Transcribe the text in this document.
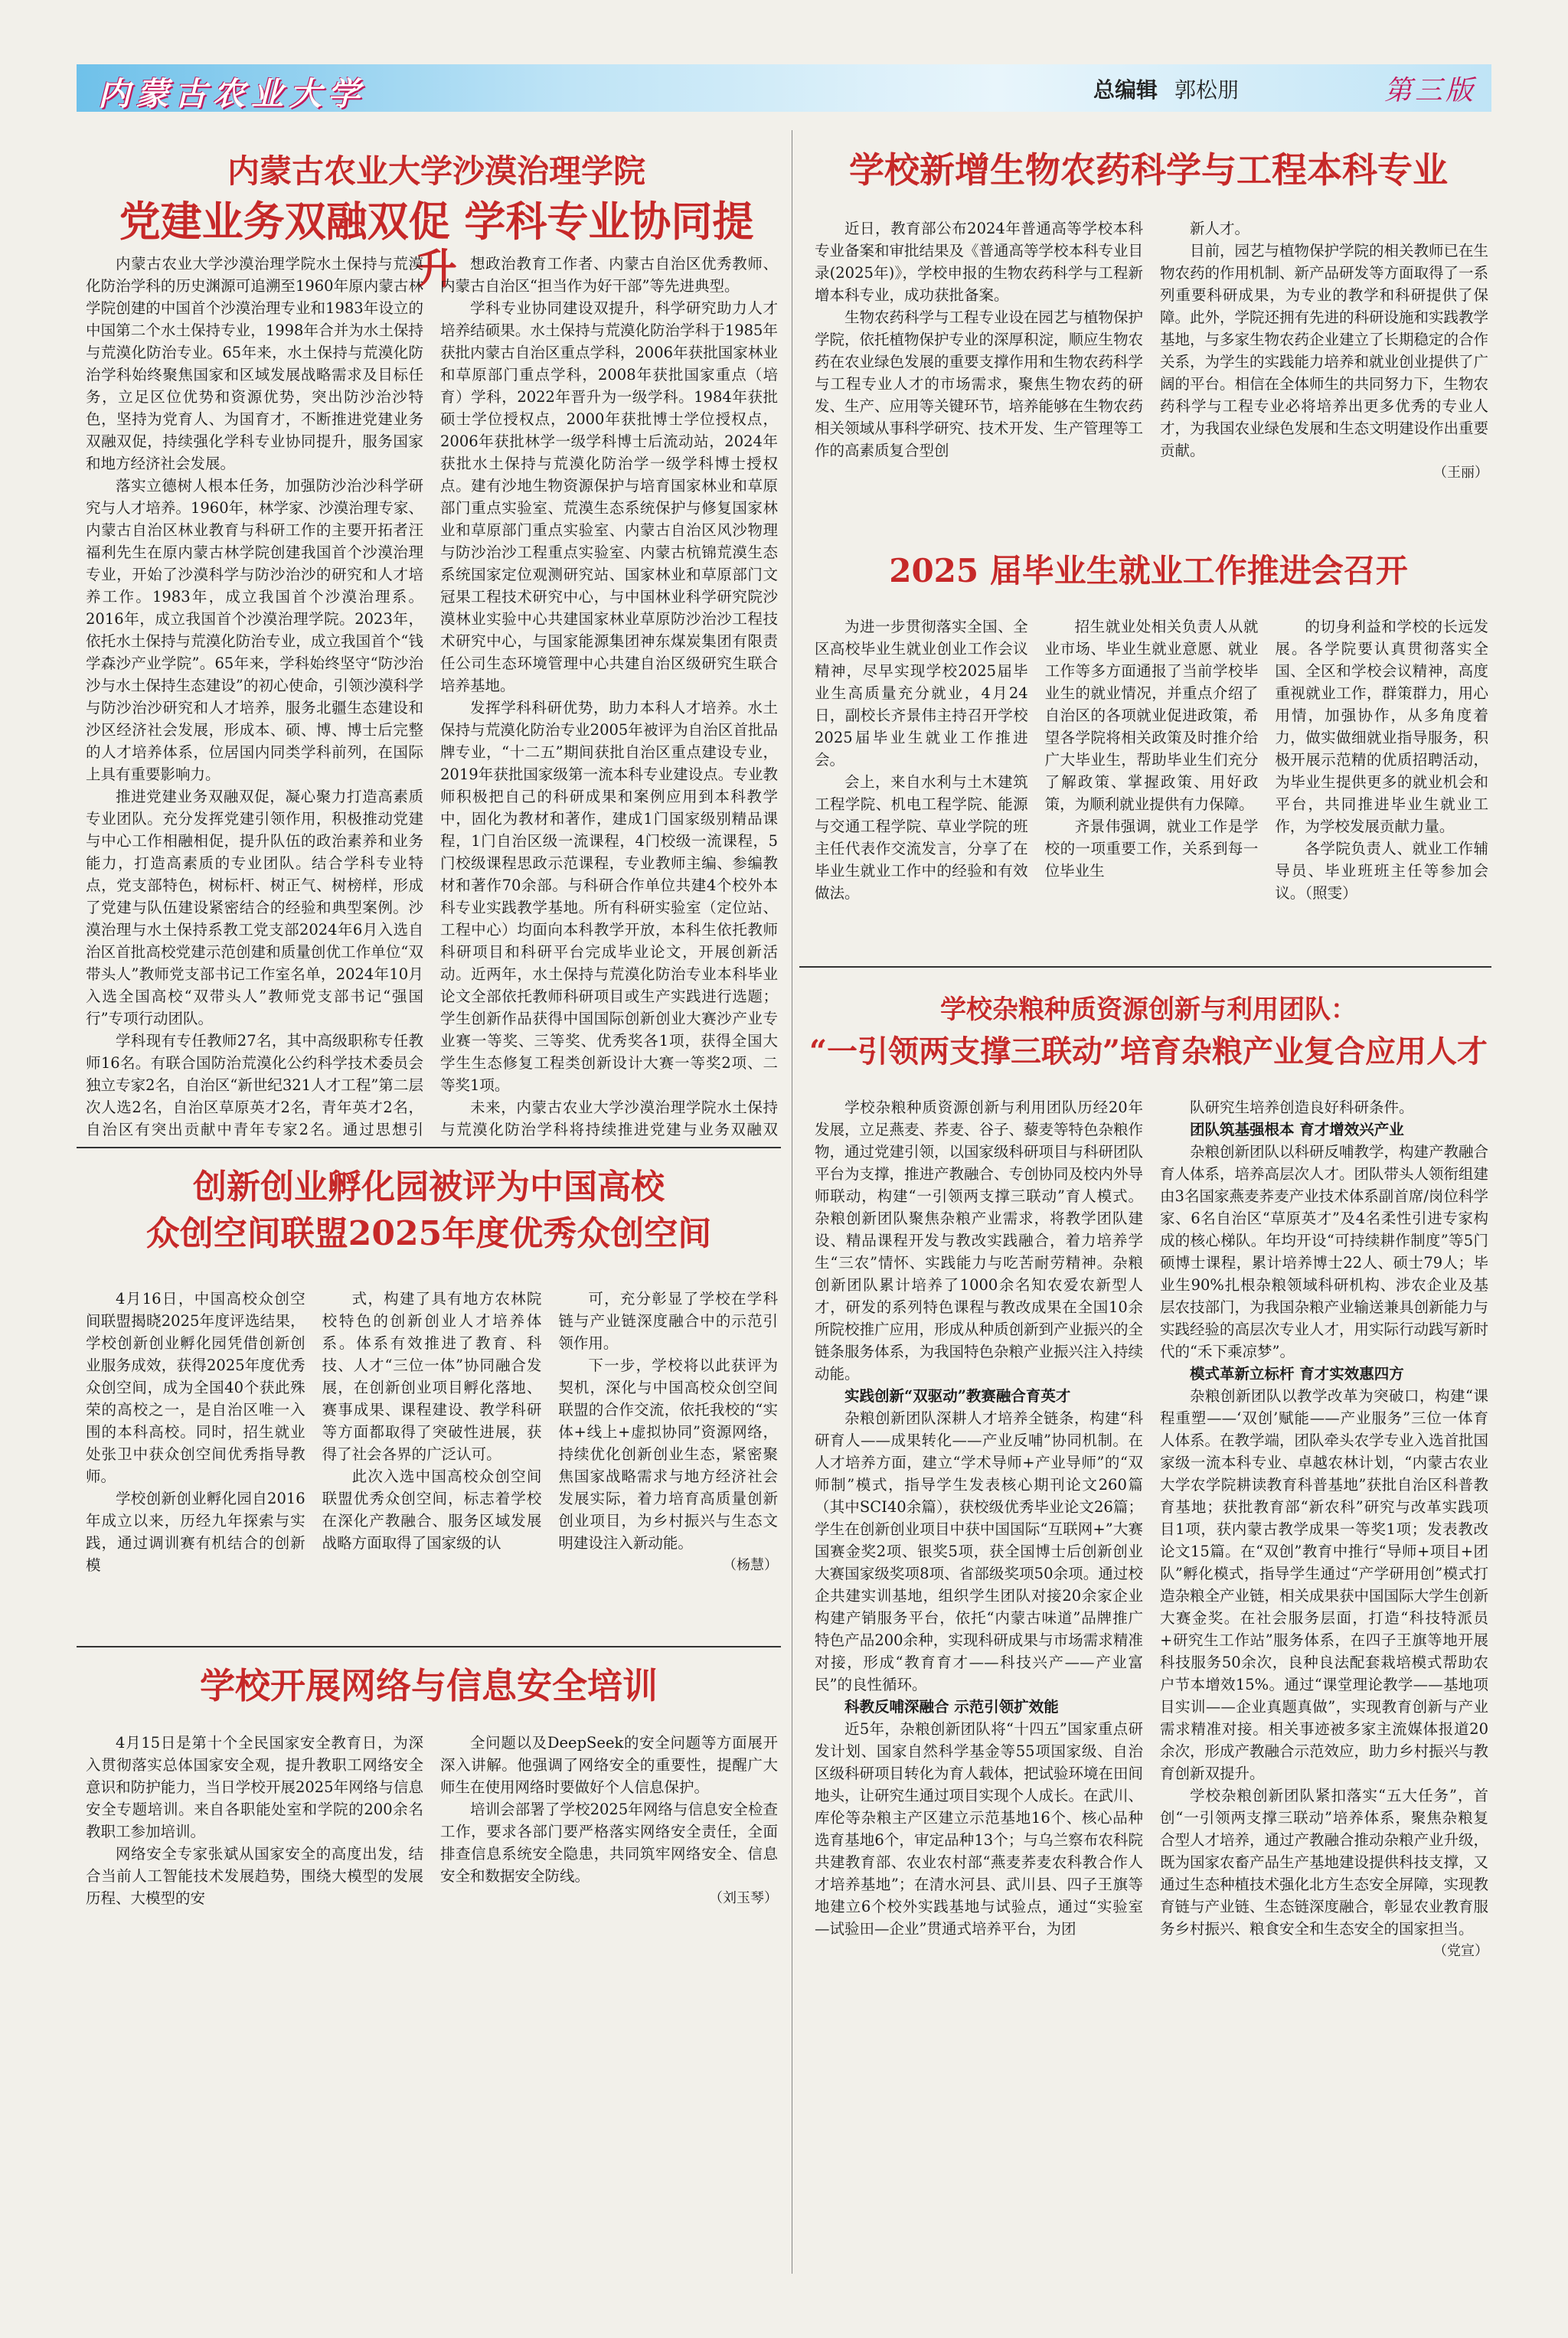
内蒙古农业大学	总编辑 郭松朋	第三版
内蒙古农业大学沙漠治理学院
党建业务双融双促 学科专业协同提升

内蒙古农业大学沙漠治理学院水土保持与荒漠化防治学科的历史渊源可追溯至1960年原内蒙古林学院创建的中国首个沙漠治理专业和1983年设立的中国第二个水土保持专业，1998年合并为水土保持与荒漠化防治专业。65年来，水土保持与荒漠化防治学科始终聚焦国家和区域发展战略需求及目标任务，立足区位优势和资源优势，突出防沙治沙特色，坚持为党育人、为国育才，不断推进党建业务双融双促，持续强化学科专业协同提升，服务国家和地方经济社会发展。

落实立德树人根本任务，加强防沙治沙科学研究与人才培养。1960年，林学家、沙漠治理专家、内蒙古自治区林业教育与科研工作的主要开拓者汪福利先生在原内蒙古林学院创建我国首个沙漠治理专业，开始了沙漠科学与防沙治沙的研究和人才培养工作。1983年，成立我国首个沙漠治理系。2016年，成立我国首个沙漠治理学院。2023年，依托水土保持与荒漠化防治专业，成立我国首个“钱学森沙产业学院”。65年来，学科始终坚守“防沙治沙与水土保持生态建设”的初心使命，引领沙漠科学与防沙治沙研究和人才培养，服务北疆生态建设和沙区经济社会发展，形成本、硕、博、博士后完整的人才培养体系，位居国内同类学科前列，在国际上具有重要影响力。

推进党建业务双融双促，凝心聚力打造高素质专业团队。充分发挥党建引领作用，积极推动党建与中心工作相融相促，提升队伍的政治素养和业务能力，打造高素质的专业团队。结合学科专业特点，党支部特色，树标杆、树正气、树榜样，形成了党建与队伍建设紧密结合的经验和典型案例。沙漠治理与水土保持系教工党支部2024年6月入选自治区首批高校党建示范创建和质量创优工作单位“双带头人”教师党支部书记工作室名单，2024年10月入选全国高校“双带头人”教师党支部书记“强国行”专项行动团队。

学科现有专任教师27名，其中高级职称专任教师16名。有联合国防治荒漠化公约科学技术委员会独立专家2名，自治区“新世纪321人才工程”第二层次人选2名，自治区草原英才2名，青年英才2名，自治区有突出贡献中青年专家2名。通过思想引

想政治教育工作者、内蒙古自治区优秀教师、内蒙古自治区“担当作为好干部”等先进典型。

学科专业协同建设双提升，科学研究助力人才培养结硕果。水土保持与荒漠化防治学科于1985年获批内蒙古自治区重点学科，2006年获批国家林业和草原部门重点学科，2008年获批国家重点（培育）学科，2022年晋升为一级学科。1984年获批硕士学位授权点，2000年获批博士学位授权点，2006年获批林学一级学科博士后流动站，2024年获批水土保持与荒漠化防治学一级学科博士授权点。建有沙地生物资源保护与培育国家林业和草原部门重点实验室、荒漠生态系统保护与修复国家林业和草原部门重点实验室、内蒙古自治区风沙物理与防沙治沙工程重点实验室、内蒙古杭锦荒漠生态系统国家定位观测研究站、国家林业和草原部门文冠果工程技术研究中心，与中国林业科学研究院沙漠林业实验中心共建国家林业草原防沙治沙工程技术研究中心，与国家能源集团神东煤炭集团有限责任公司生态环境管理中心共建自治区级研究生联合培养基地。

发挥学科科研优势，助力本科人才培养。水土保持与荒漠化防治专业2005年被评为自治区首批品牌专业，“十二五”期间获批自治区重点建设专业，2019年获批国家级第一流本科专业建设点。专业教师积极把自己的科研成果和案例应用到本科教学中，固化为教材和著作，建成1门国家级别精品课程，1门自治区级一流课程，4门校级一流课程，5门校级课程思政示范课程，专业教师主编、参编教材和著作70余部。与科研合作单位共建4个校外本科专业实践教学基地。所有科研实验室（定位站、工程中心）均面向本科教学开放，本科生依托教师科研项目和科研平台完成毕业论文，开展创新活动。近两年，水土保持与荒漠化防治专业本科毕业论文全部依托教师科研项目或生产实践进行选题；学生创新作品获得中国国际创新创业大赛沙产业专业赛一等奖、三等奖、优秀奖各1项，获得全国大学生生态修复工程类创新设计大赛一等奖2项、二等奖1项。

未来，内蒙古农业大学沙漠治理学院水土保持与荒漠化防治学科将持续推进党建与业务双融双

学校新增生物农药科学与工程本科专业

近日，教育部公布2024年普通高等学校本科专业备案和审批结果及《普通高等学校本科专业目录(2025年)》，学校申报的生物农药科学与工程新增本科专业，成功获批备案。

生物农药科学与工程专业设在园艺与植物保护学院，依托植物保护专业的深厚积淀，顺应生物农药在农业绿色发展的重要支撑作用和生物农药科学与工程专业人才的市场需求，聚焦生物农药的研发、生产、应用等关键环节，培养能够在生物农药相关领域从事科学研究、技术开发、生产管理等工作的高素质复合型创

新人才。

目前，园艺与植物保护学院的相关教师已在生物农药的作用机制、新产品研发等方面取得了一系列重要科研成果，为专业的教学和科研提供了保障。此外，学院还拥有先进的科研设施和实践教学基地，与多家生物农药企业建立了长期稳定的合作关系，为学生的实践能力培养和就业创业提供了广阔的平台。相信在全体师生的共同努力下，生物农药科学与工程专业必将培养出更多优秀的专业人才，为我国农业绿色发展和生态文明建设作出重要贡献。

（王丽）

2025 届毕业生就业工作推进会召开

为进一步贯彻落实全国、全区高校毕业生就业创业工作会议精神，尽早实现学校2025届毕业生高质量充分就业，4月24日，副校长齐景伟主持召开学校2025届毕业生就业工作推进会。

会上，来自水利与土木建筑工程学院、机电工程学院、能源与交通工程学院、草业学院的班主任代表作交流发言，分享了在毕业生就业工作中的经验和有效做法。

招生就业处相关负责人从就业市场、毕业生就业意愿、就业工作等多方面通报了当前学校毕业生的就业情况，并重点介绍了自治区的各项就业促进政策，希望各学院将相关政策及时推介给广大毕业生，帮助毕业生们充分了解政策、掌握政策、用好政策，为顺利就业提供有力保障。

齐景伟强调，就业工作是学校的一项重要工作，关系到每一位毕业生

的切身利益和学校的长远发展。各学院要认真贯彻落实全国、全区和学校会议精神，高度重视就业工作，群策群力，用心用情，加强协作，从多角度着力，做实做细就业指导服务，积极开展示范精的优质招聘活动，为毕业生提供更多的就业机会和平台，共同推进毕业生就业工作，为学校发展贡献力量。

各学院负责人、就业工作辅导员、毕业班班主任等参加会议。（照雯）

学校杂粮种质资源创新与利用团队：
“一引领两支撑三联动”培育杂粮产业复合应用人才

学校杂粮种质资源创新与利用团队历经20年发展，立足燕麦、荞麦、谷子、藜麦等特色杂粮作物，通过党建引领，以国家级科研项目与科研团队平台为支撑，推进产教融合、专创协同及校内外导师联动，构建“一引领两支撑三联动”育人模式。杂粮创新团队聚焦杂粮产业需求，将教学团队建设、精品课程开发与教改实践融合，着力培养学生“三农”情怀、实践能力与吃苦耐劳精神。杂粮创新团队累计培养了1000余名知农爱农新型人才，研发的系列特色课程与教改成果在全国10余所院校推广应用，形成从种质创新到产业振兴的全链条服务体系，为我国特色杂粮产业振兴注入持续动能。

实践创新“双驱动”教赛融合育英才

杂粮创新团队深耕人才培养全链条，构建“科研育人——成果转化——产业反哺”协同机制。在人才培养方面，建立“学术导师+产业导师”的“双师制”模式，指导学生发表核心期刊论文260篇（其中SCI40余篇），获校级优秀毕业论文26篇；学生在创新创业项目中获中国国际“互联网+”大赛国赛金奖2项、银奖5项，获全国博士后创新创业大赛国家级奖项8项、省部级奖项50余项。通过校企共建实训基地，组织学生团队对接20余家企业构建产销服务平台，依托“内蒙古味道”品牌推广特色产品200余种，实现科研成果与市场需求精准对接，形成“教育育才——科技兴产——产业富民”的良性循环。

科教反哺深融合 示范引领扩效能

近5年，杂粮创新团队将“十四五”国家重点研发计划、国家自然科学基金等55项国家级、自治区级科研项目转化为育人载体，把试验环境在田间地头，让研究生通过项目实现个人成长。在武川、库伦等杂粮主产区建立示范基地16个、核心品种选育基地6个，审定品种13个；与乌兰察布农科院共建教育部、农业农村部“燕麦荞麦农科教合作人才培养基地”；在清水河县、武川县、四子王旗等地建立6个校外实践基地与试验点，通过“实验室—试验田—企业”贯通式培养平台，为团

队研究生培养创造良好科研条件。

团队筑基强根本 育才增效兴产业

杂粮创新团队以科研反哺教学，构建产教融合育人体系，培养高层次人才。团队带头人领衔组建由3名国家燕麦荞麦产业技术体系副首席/岗位科学家、6名自治区“草原英才”及4名柔性引进专家构成的核心梯队。年均开设“可持续耕作制度”等5门硕博士课程，累计培养博士22人、硕士79人；毕业生90%扎根杂粮领域科研机构、涉农企业及基层农技部门，为我国杂粮产业输送兼具创新能力与实践经验的高层次专业人才，用实际行动践写新时代的“禾下乘凉梦”。

模式革新立标杆 育才实效惠四方

杂粮创新团队以教学改革为突破口，构建“课程重塑——‘双创’赋能——产业服务”三位一体育人体系。在教学端，团队牵头农学专业入选首批国家级一流本科专业、卓越农林计划，“内蒙古农业大学农学院耕读教育科普基地”获批自治区科普教育基地；获批教育部“新农科”研究与改革实践项目1项，获内蒙古教学成果一等奖1项；发表教改论文15篇。在“双创”教育中推行“导师+项目+团队”孵化模式，指导学生通过“产学研用创”模式打造杂粮全产业链，相关成果获中国国际大学生创新大赛金奖。在社会服务层面，打造“科技特派员+研究生工作站”服务体系，在四子王旗等地开展科技服务50余次，良种良法配套栽培模式帮助农户节本增效15%。通过“课堂理论教学——基地项目实训——企业真题真做”，实现教育创新与产业需求精准对接。相关事迹被多家主流媒体报道20余次，形成产教融合示范效应，助力乡村振兴与教育创新双提升。

学校杂粮创新团队紧扣落实“五大任务”，首创“一引领两支撑三联动”培养体系，聚焦杂粮复合型人才培养，通过产教融合推动杂粮产业升级，既为国家农畜产品生产基地建设提供科技支撑，又通过生态种植技术强化北方生态安全屏障，实现教育链与产业链、生态链深度融合，彰显农业教育服务乡村振兴、粮食安全和生态安全的国家担当。

（党宣）

创新创业孵化园被评为中国高校
众创空间联盟2025年度优秀众创空间

4月16日，中国高校众创空间联盟揭晓2025年度评选结果，学校创新创业孵化园凭借创新创业服务成效，获得2025年度优秀众创空间，成为全国40个获此殊荣的高校之一，是自治区唯一入围的本科高校。同时，招生就业处张卫中获众创空间优秀指导教师。

学校创新创业孵化园自2016年成立以来，历经九年探索与实践，通过调训赛有机结合的创新模

式，构建了具有地方农林院校特色的创新创业人才培养体系。体系有效推进了教育、科技、人才“三位一体”协同融合发展，在创新创业项目孵化落地、赛事成果、课程建设、教学科研等方面都取得了突破性进展，获得了社会各界的广泛认可。

此次入选中国高校众创空间联盟优秀众创空间，标志着学校在深化产教融合、服务区域发展战略方面取得了国家级的认

可，充分彰显了学校在学科链与产业链深度融合中的示范引领作用。

下一步，学校将以此获评为契机，深化与中国高校众创空间联盟的合作交流，依托我校的“实体+线上+虚拟协同”资源网络，持续优化创新创业生态，紧密聚焦国家战略需求与地方经济社会发展实际，着力培育高质量创新创业项目，为乡村振兴与生态文明建设注入新动能。

（杨慧）

学校开展网络与信息安全培训

4月15日是第十个全民国家安全教育日，为深入贯彻落实总体国家安全观，提升教职工网络安全意识和防护能力，当日学校开展2025年网络与信息安全专题培训。来自各职能处室和学院的200余名教职工参加培训。

网络安全专家张斌从国家安全的高度出发，结合当前人工智能技术发展趋势，围绕大模型的发展历程、大模型的安

全问题以及DeepSeek的安全问题等方面展开深入讲解。他强调了网络安全的重要性，提醒广大师生在使用网络时要做好个人信息保护。

培训会部署了学校2025年网络与信息安全检查工作，要求各部门要严格落实网络安全责任，全面排查信息系统安全隐患，共同筑牢网络安全、信息安全和数据安全防线。

（刘玉琴）
